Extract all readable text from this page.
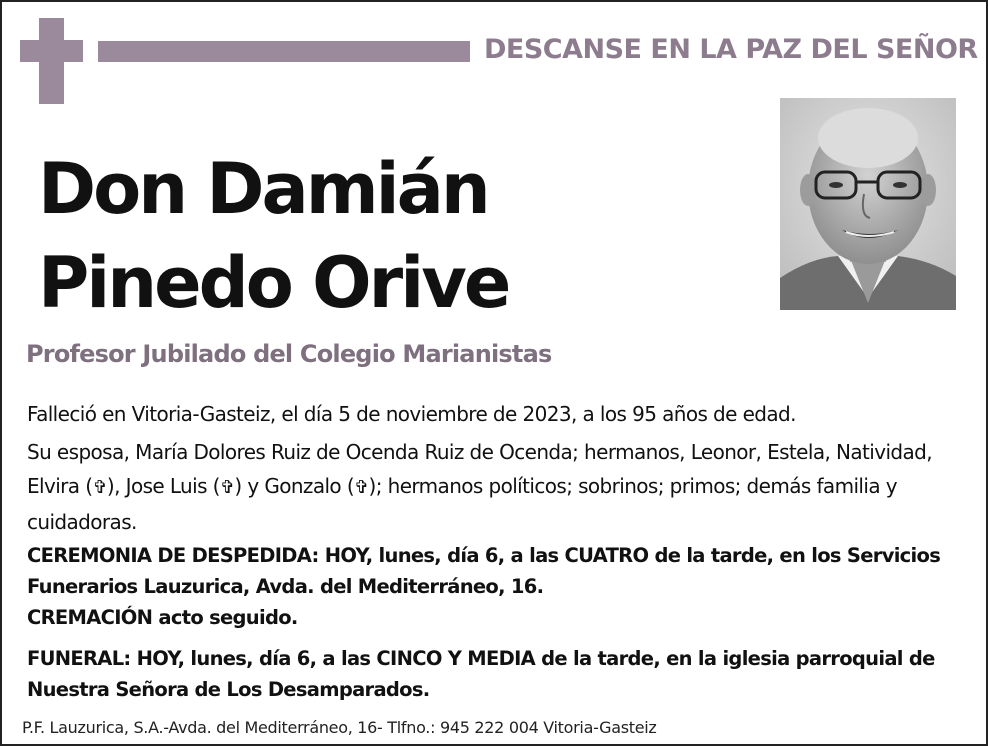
DESCANSE EN LA PAZ DEL SEÑOR
Don Damián
Pinedo Orive
Profesor Jubilado del Colegio Marianistas

Falleció en Vitoria-Gasteiz, el día 5 de noviembre de 2023, a los 95 años de edad.

Su esposa, María Dolores Ruiz de Ocenda Ruiz de Ocenda; hermanos, Leonor, Estela, Natividad, Elvira (✞), Jose Luis (✞) y Gonzalo (✞); hermanos políticos; sobrinos; primos; demás familia y cuidadoras.

CEREMONIA DE DESPEDIDA: HOY, lunes, día 6, a las CUATRO de la tarde, en los Servicios Funerarios Lauzurica, Avda. del Mediterráneo, 16.

CREMACIÓN acto seguido.

FUNERAL: HOY, lunes, día 6, a las CINCO Y MEDIA de la tarde, en la iglesia parroquial de Nuestra Señora de Los Desamparados.

P.F. Lauzurica, S.A.-Avda. del Mediterráneo, 16- Tlfno.: 945 222 004 Vitoria-Gasteiz
